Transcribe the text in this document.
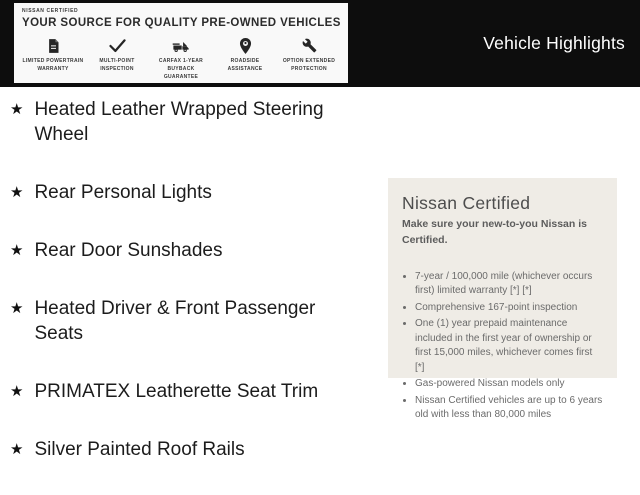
NISSAN CERTIFIED
YOUR SOURCE FOR QUALITY PRE-OWNED VEHICLES
LIMITED POWERTRAIN WARRANTY
MULTI-POINT INSPECTION
CARFAX 1-YEAR BUYBACK GUARANTEE
ROADSIDE ASSISTANCE
OPTION EXTENDED PROTECTION
Vehicle Highlights
★ Heated Leather Wrapped Steering Wheel
★ Rear Personal Lights
★ Rear Door Sunshades
★ Heated Driver & Front Passenger Seats
★ PRIMATEX Leatherette Seat Trim
★ Silver Painted Roof Rails
Nissan Certified

Make sure your new-to-you Nissan is Certified.

• 7-year / 100,000 mile (whichever occurs first) limited warranty [*] [*]
• Comprehensive 167-point inspection
• One (1) year prepaid maintenance included in the first year of ownership or first 15,000 miles, whichever comes first [*]
• Gas-powered Nissan models only
• Nissan Certified vehicles are up to 6 years old with less than 80,000 miles
